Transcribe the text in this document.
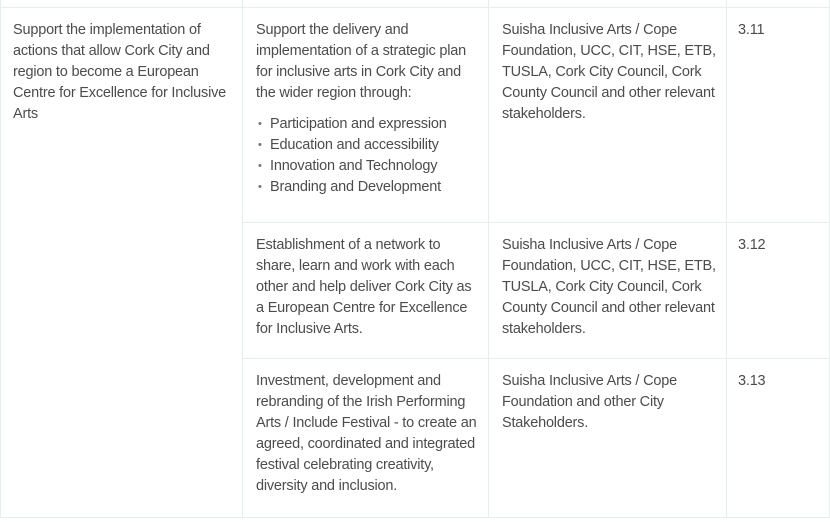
Support the implementation of actions that allow Cork City and region to become a European Centre for Excellence for Inclusive Arts
Support the delivery and implementation of a strategic plan for inclusive arts in Cork City and the wider region through:
• Participation and expression
• Education and accessibility
• Innovation and Technology
• Branding and Development
Suisha Inclusive Arts / Cope Foundation, UCC, CIT, HSE, ETB, TUSLA, Cork City Council, Cork County Council and other relevant stakeholders.
3.11
Establishment of a network to share, learn and work with each other and help deliver Cork City as a European Centre for Excellence for Inclusive Arts.
Suisha Inclusive Arts / Cope Foundation, UCC, CIT, HSE, ETB, TUSLA, Cork City Council, Cork County Council and other relevant stakeholders.
3.12
Investment, development and rebranding of the Irish Performing Arts / Include Festival - to create an agreed, coordinated and integrated festival celebrating creativity, diversity and inclusion.
Suisha Inclusive Arts / Cope Foundation and other City Stakeholders.
3.13
